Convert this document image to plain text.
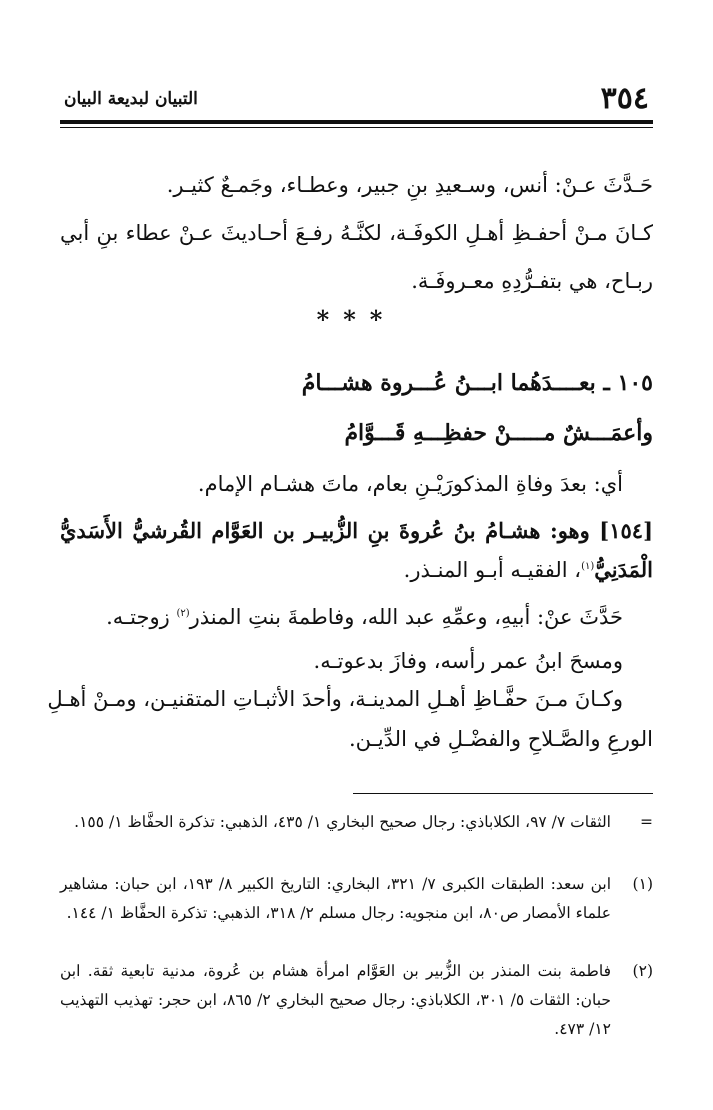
٣٥٤
التبيان لبديعة البيان
حَـدَّثَ عـنْ: أنس، وسـعيدِ بنِ جبير، وعطـاء، وجَمـعٌ كثيـر.
كـانَ مـنْ أحفـظِ أهـلِ الكوفَـة، لكنَّـهُ رفـعَ أحـاديثَ عـنْ عطاء بنِ أبي
ربـاح، هي بتفـرُّدِهِ معـروفَـة.
***
١٠٥ ـ بعــــدَهُما ابـــنُ عُـــروة هشـــامُ
وأعمَـــشٌ مـــــنْ حفظِـــهِ قَـــوَّامُ
أي: بعدَ وفاةِ المذكورَيْـنِ بعام، ماتَ هشـام الإمام.
[١٥٤] وهو: هشـامُ بنُ عُروةَ بنِ الزُّبيـر بن العَوَّام القُرشيُّ الأَسَديُّ
الْمَدَنِيُّ$^{(١)}$، الفقيـه أبـو المنـذر.
حَدَّثَ عنْ: أبيهِ، وعمِّهِ عبد الله، وفاطمةَ بنتِ المنذر$^{(٢)}$ زوجتـه.
ومسحَ ابنُ عمر رأسه، وفازَ بدعوتـه.
وكـانَ مـنَ حفَّـاظِ أهـلِ المدينـة، وأحدَ الأثبـاتِ المتقنيـن، ومـنْ أهـلِ
الورعِ والصَّـلاحِ والفضْـلِ في الدِّيـن.
=
الثقات ٧/ ٩٧، الكلاباذي: رجال صحيح البخاري ١/ ٤٣٥، الذهبي: تذكرة الحفَّاظ ١/ ١٥٥.
(١)
ابن سعد: الطبقات الكبرى ٧/ ٣٢١، البخاري: التاريخ الكبير ٨/ ١٩٣، ابن حبان: مشاهير علماء الأمصار ص٨٠، ابن منجويه: رجال مسلم ٢/ ٣١٨، الذهبي: تذكرة الحفَّاظ ١/ ١٤٤.
(٢)
فاطمة بنت المنذر بن الزُّبير بن العَوَّام امرأة هشام بن عُروة، مدنية تابعية ثقة. ابن حبان: الثقات ٥/ ٣٠١، الكلاباذي: رجال صحيح البخاري ٢/ ٨٦٥، ابن حجر: تهذيب التهذيب ١٢/ ٤٧٣.
